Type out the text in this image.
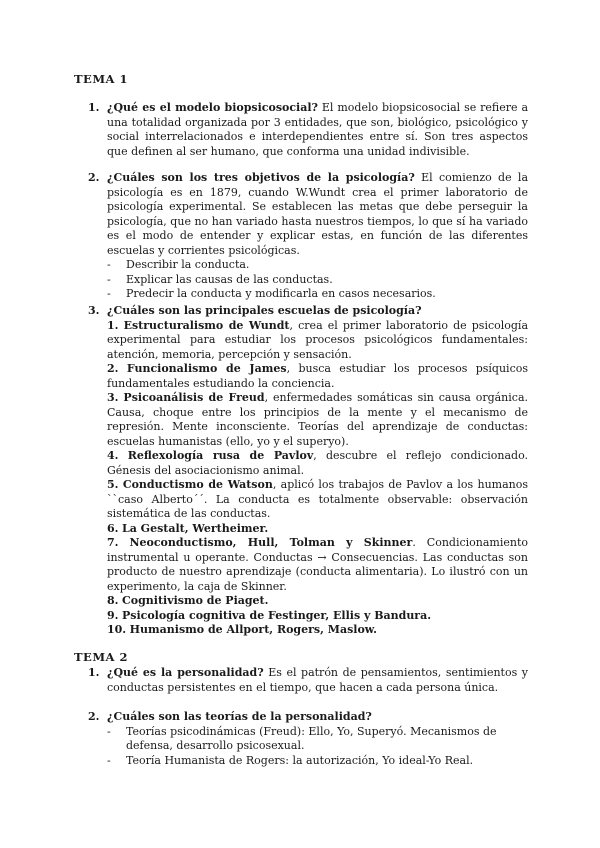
TEMA 1
1. ¿Qué es el modelo biopsicosocial? El modelo biopsicosocial se refiere a una totalidad organizada por 3 entidades, que son, biológico, psicológico y social interrelacionados e interdependientes entre sí. Son tres aspectos que definen al ser humano, que conforma una unidad indivisible.
2. ¿Cuáles son los tres objetivos de la psicología? El comienzo de la psicología es en 1879, cuando W.Wundt crea el primer laboratorio de psicología experimental. Se establecen las metas que debe perseguir la psicología, que no han variado hasta nuestros tiempos, lo que sí ha variado es el modo de entender y explicar estas, en función de las diferentes escuelas y corrientes psicológicas.
- Describir la conducta.
- Explicar las causas de las conductas.
- Predecir la conducta y modificarla en casos necesarios.
3. ¿Cuáles son las principales escuelas de psicología?
1. Estructuralismo de Wundt, crea el primer laboratorio de psicología experimental para estudiar los procesos psicológicos fundamentales: atención, memoria, percepción y sensación.
2. Funcionalismo de James, busca estudiar los procesos psíquicos fundamentales estudiando la conciencia.
3. Psicoanálisis de Freud, enfermedades somáticas sin causa orgánica. Causa, choque entre los principios de la mente y el mecanismo de represión. Mente inconsciente. Teorías del aprendizaje de conductas: escuelas humanistas (ello, yo y el superyo).
4. Reflexología rusa de Pavlov, descubre el reflejo condicionado. Génesis del asociacionismo animal.
5. Conductismo de Watson, aplicó los trabajos de Pavlov a los humanos ``caso Alberto´´. La conducta es totalmente observable: observación sistemática de las conductas.
6. La Gestalt, Wertheimer.
7. Neoconductismo, Hull, Tolman y Skinner. Condicionamiento instrumental u operante. Conductas → Consecuencias. Las conductas son producto de nuestro aprendizaje (conducta alimentaria). Lo ilustró con un experimento, la caja de Skinner.
8. Cognitivismo de Piaget.
9. Psicología cognitiva de Festinger, Ellis y Bandura.
10. Humanismo de Allport, Rogers, Maslow.
TEMA 2
1. ¿Qué es la personalidad? Es el patrón de pensamientos, sentimientos y conductas persistentes en el tiempo, que hacen a cada persona única.
2. ¿Cuáles son las teorías de la personalidad?
- Teorías psicodinámicas (Freud): Ello, Yo, Superyó. Mecanismos de defensa, desarrollo psicosexual.
- Teoría Humanista de Rogers: la autorización, Yo ideal-Yo Real.
